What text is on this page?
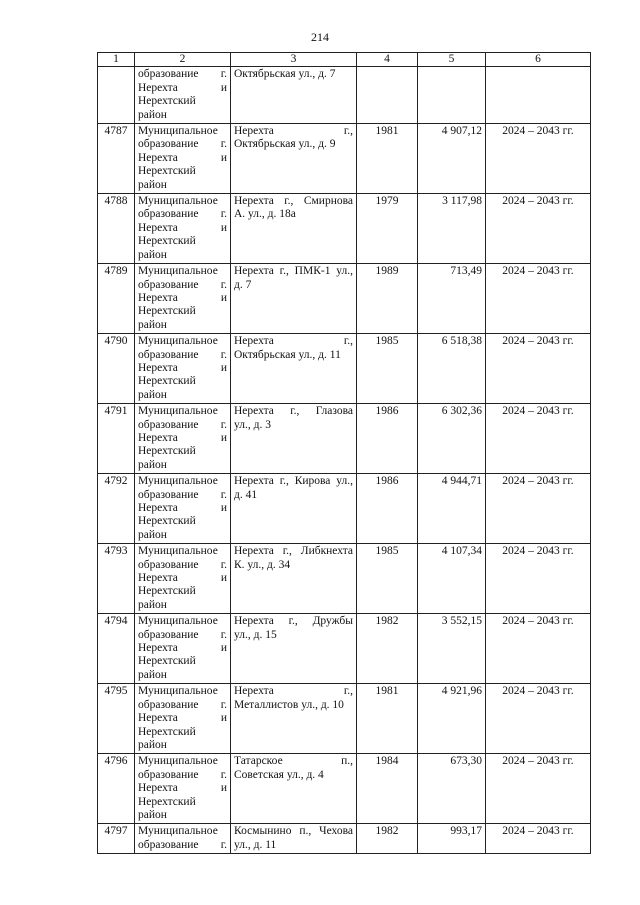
214
1	2	3	4	5	6

	образование г.
Нерехта и
Нерехтский
район	Октябрьская ул., д. 7			

4787	Муниципальное
образование г.
Нерехта и
Нерехтский
район	Нерехта г.,
Октябрьская ул., д. 9	1981	4 907,12	2024 – 2043 гг.
4788	Муниципальное
образование г.
Нерехта и
Нерехтский
район	Нерехта г., Смирнова
А. ул., д. 18а	1979	3 117,98	2024 – 2043 гг.
4789	Муниципальное
образование г.
Нерехта и
Нерехтский
район	Нерехта г., ПМК-1 ул.,
д. 7	1989	713,49	2024 – 2043 гг.
4790	Муниципальное
образование г.
Нерехта и
Нерехтский
район	Нерехта г.,
Октябрьская ул., д. 11	1985	6 518,38	2024 – 2043 гг.
4791	Муниципальное
образование г.
Нерехта и
Нерехтский
район	Нерехта г., Глазова
ул., д. 3	1986	6 302,36	2024 – 2043 гг.
4792	Муниципальное
образование г.
Нерехта и
Нерехтский
район	Нерехта г., Кирова ул.,
д. 41	1986	4 944,71	2024 – 2043 гг.
4793	Муниципальное
образование г.
Нерехта и
Нерехтский
район	Нерехта г., Либкнехта
К. ул., д. 34	1985	4 107,34	2024 – 2043 гг.
4794	Муниципальное
образование г.
Нерехта и
Нерехтский
район	Нерехта г., Дружбы
ул., д. 15	1982	3 552,15	2024 – 2043 гг.
4795	Муниципальное
образование г.
Нерехта и
Нерехтский
район	Нерехта г.,
Металлистов ул., д. 10	1981	4 921,96	2024 – 2043 гг.
4796	Муниципальное
образование г.
Нерехта и
Нерехтский
район	Татарское п.,
Советская ул., д. 4	1984	673,30	2024 – 2043 гг.
4797	Муниципальное
образование г.	Космынино п., Чехова
ул., д. 11	1982	993,17	2024 – 2043 гг.
